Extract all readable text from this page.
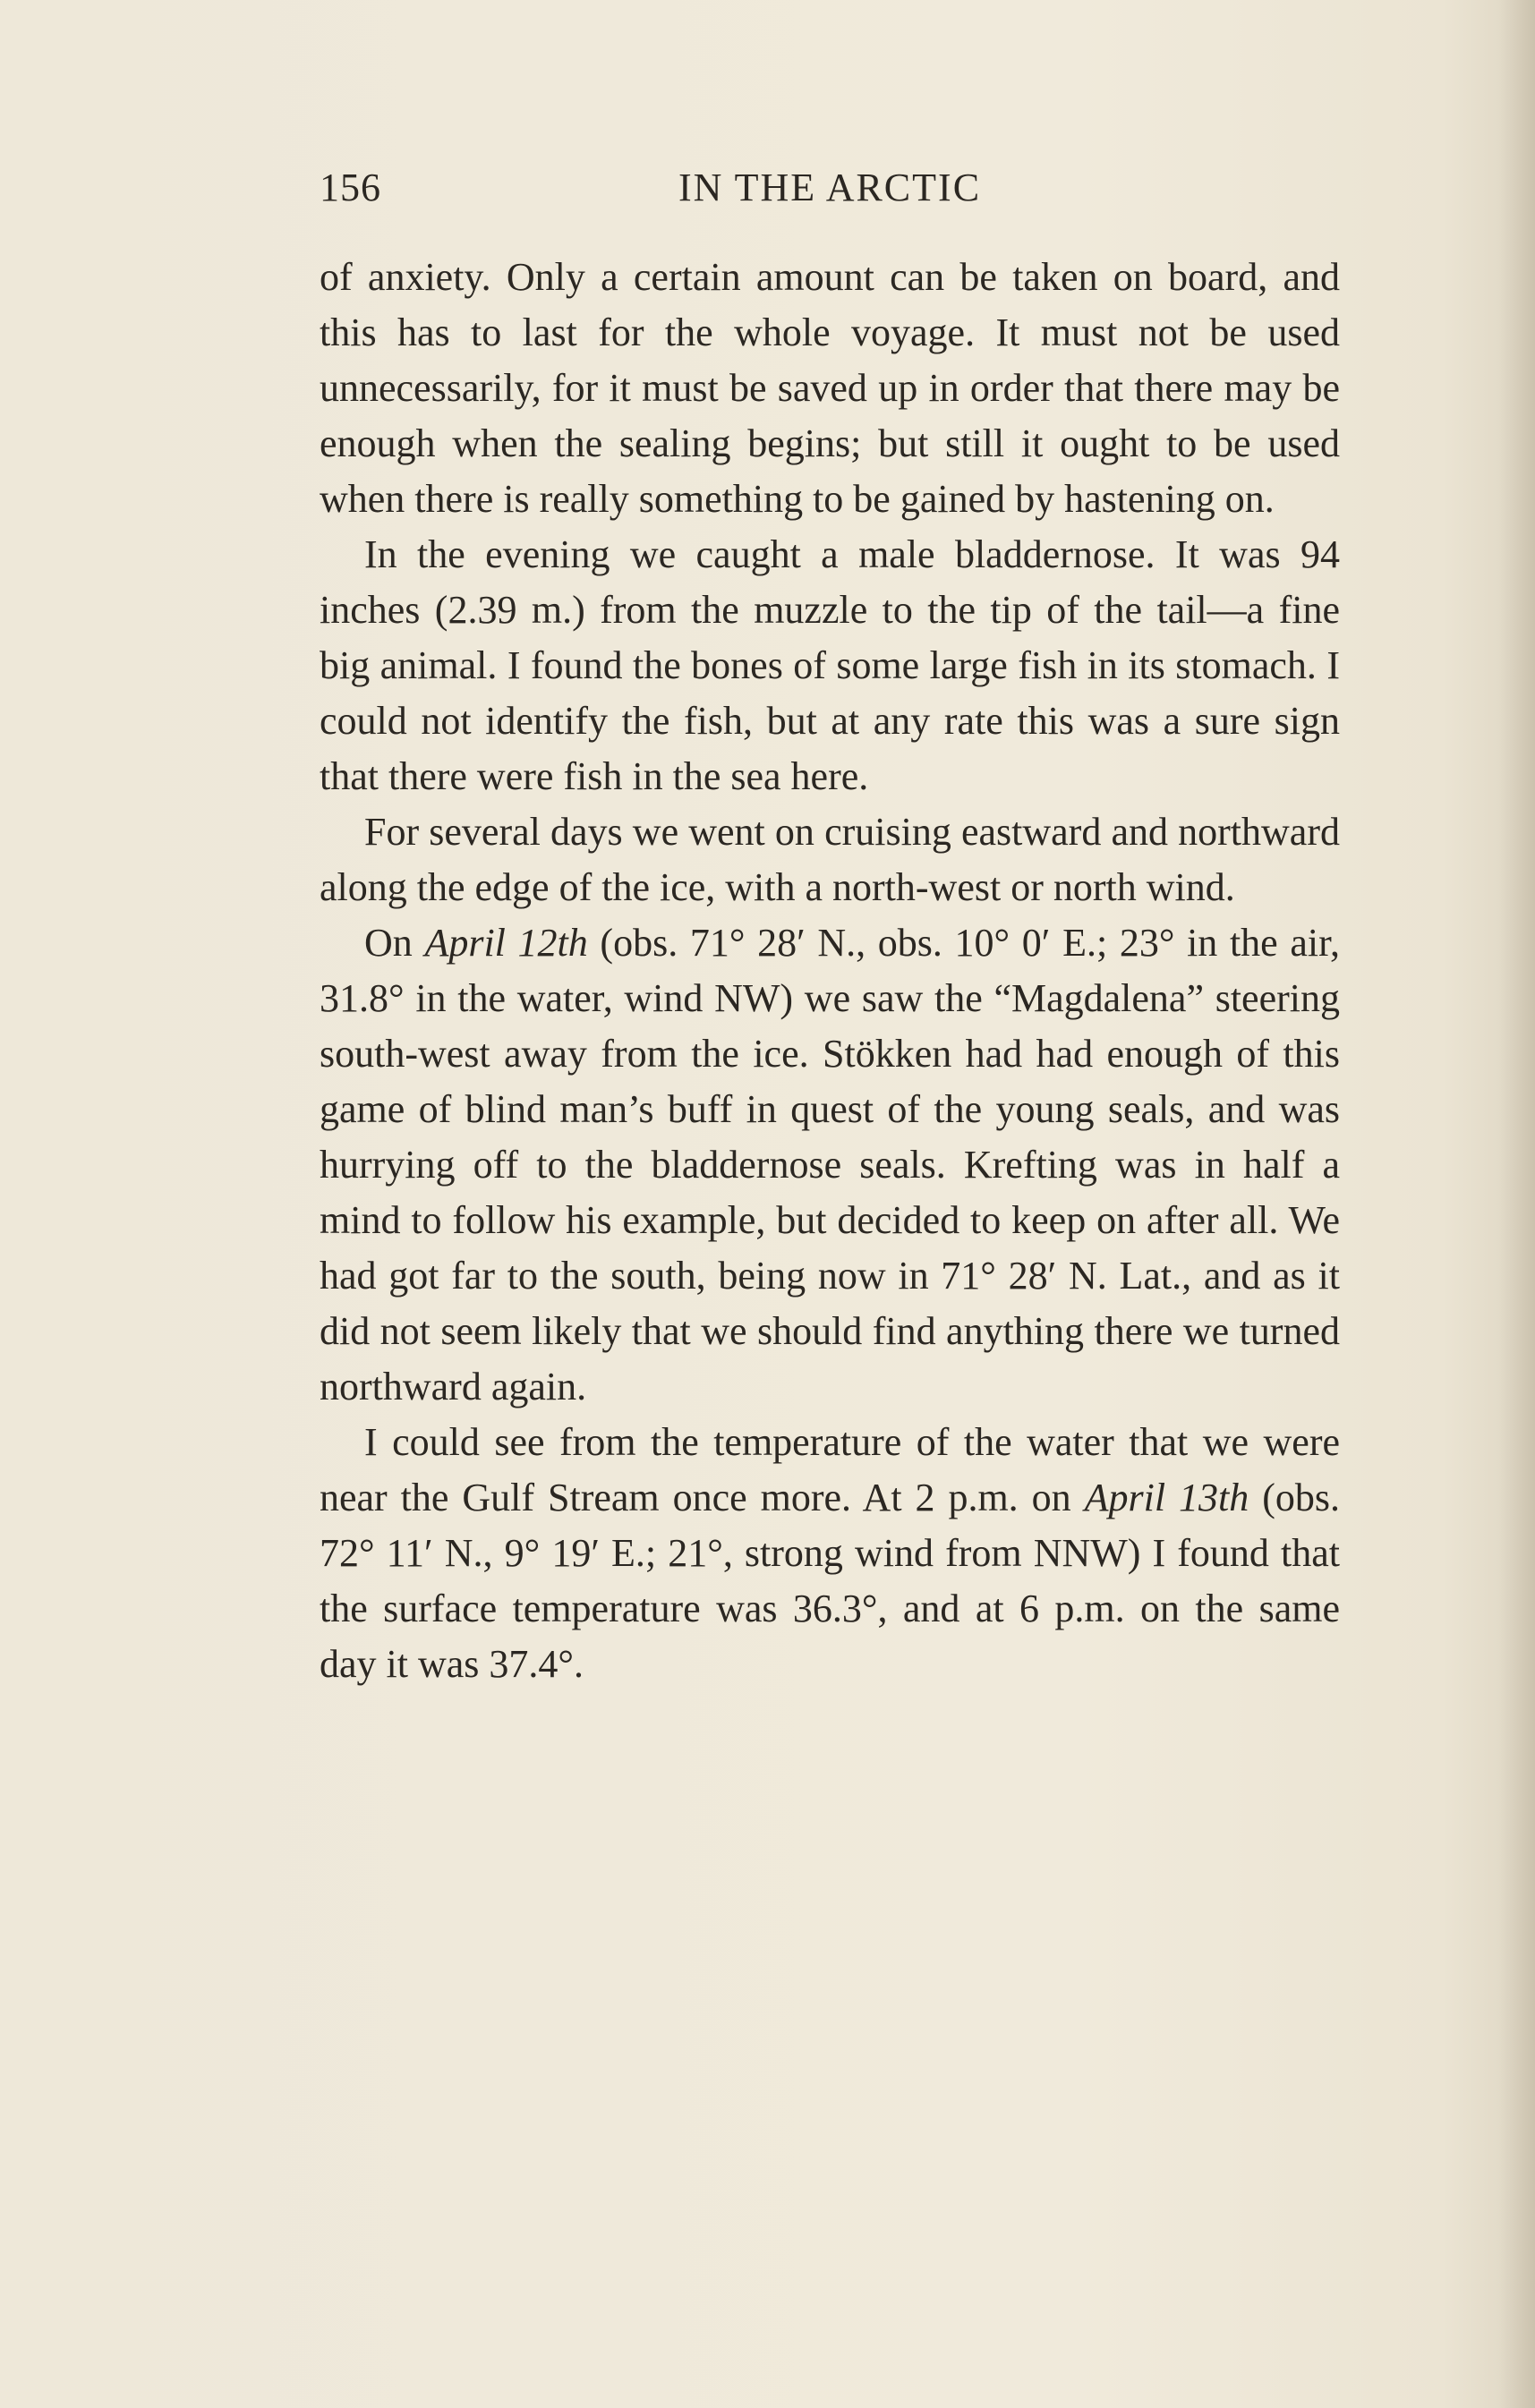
IN THE ARCTIC
156

of anxiety. Only a certain amount can be taken on board, and this has to last for the whole voyage. It must not be used unnecessarily, for it must be saved up in order that there may be enough when the sealing begins; but still it ought to be used when there is really something to be gained by hastening on.

In the evening we caught a male bladdernose. It was 94 inches (2.39 m.) from the muzzle to the tip of the tail—a fine big animal. I found the bones of some large fish in its stomach. I could not identify the fish, but at any rate this was a sure sign that there were fish in the sea here.

For several days we went on cruising eastward and northward along the edge of the ice, with a north-west or north wind.

On April 12th (obs. 71° 28′ N., obs. 10° 0′ E.; 23° in the air, 31.8° in the water, wind NW) we saw the “Magdalena” steering south-west away from the ice. Stökken had had enough of this game of blind man’s buff in quest of the young seals, and was hurrying off to the bladdernose seals. Krefting was in half a mind to follow his example, but decided to keep on after all. We had got far to the south, being now in 71° 28′ N. Lat., and as it did not seem likely that we should find anything there we turned northward again.

I could see from the temperature of the water that we were near the Gulf Stream once more. At 2 p.m. on April 13th (obs. 72° 11′ N., 9° 19′ E.; 21°, strong wind from NNW) I found that the surface temperature was 36.3°, and at 6 p.m. on the same day it was 37.4°.
